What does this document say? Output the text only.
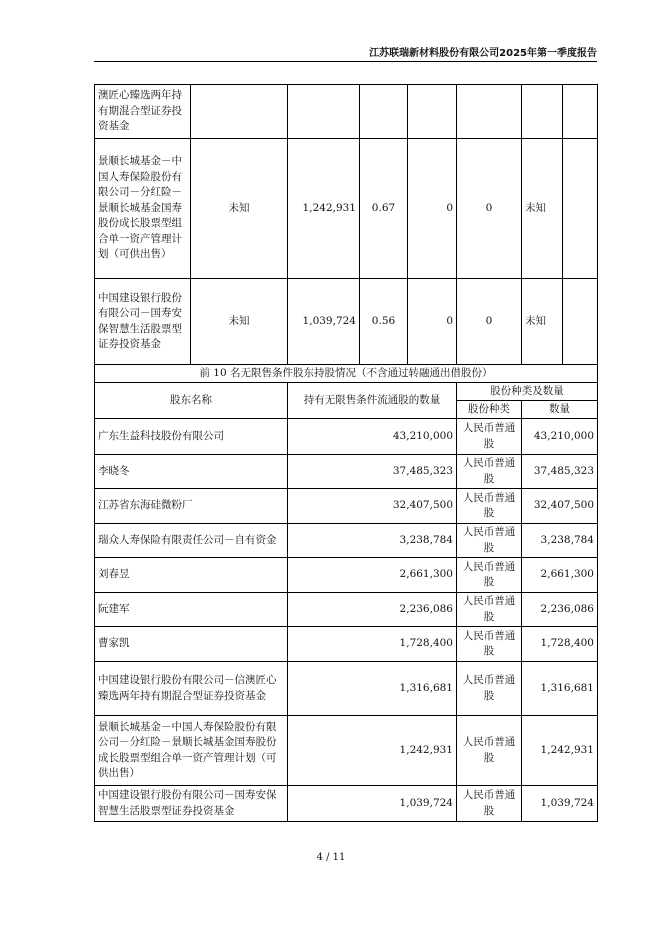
江苏联瑞新材料股份有限公司2025年第一季度报告
澳匠心臻选两年持有期混合型证券投资基金							
景顺长城基金－中国人寿保险股份有限公司－分红险－景顺长城基金国寿股份成长股票型组合单一资产管理计划（可供出售）	未知	1,242,931	0.67	0	0	未知	
中国建设银行股份有限公司－国寿安保智慧生活股票型证券投资基金	未知	1,039,724	0.56	0	0	未知	
前 10 名无限售条件股东持股情况（不含通过转融通出借股份）			
股东名称	持有无限售条件流通股的数量	股份种类及数量	
		股份种类	数量
广东生益科技股份有限公司	43,210,000	人民币普通股	43,210,000
李晓冬	37,485,323	人民币普通股	37,485,323
江苏省东海硅微粉厂	32,407,500	人民币普通股	32,407,500
瑞众人寿保险有限责任公司－自有资金	3,238,784	人民币普通股	3,238,784
刘春昱	2,661,300	人民币普通股	2,661,300
阮建军	2,236,086	人民币普通股	2,236,086
曹家凯	1,728,400	人民币普通股	1,728,400
中国建设银行股份有限公司－信澳匠心臻选两年持有期混合型证券投资基金	1,316,681	人民币普通股	1,316,681
景顺长城基金－中国人寿保险股份有限公司－分红险－景顺长城基金国寿股份成长股票型组合单一资产管理计划（可供出售）	1,242,931	人民币普通股	1,242,931
中国建设银行股份有限公司－国寿安保智慧生活股票型证券投资基金	1,039,724	人民币普通股	1,039,724
4 / 11
